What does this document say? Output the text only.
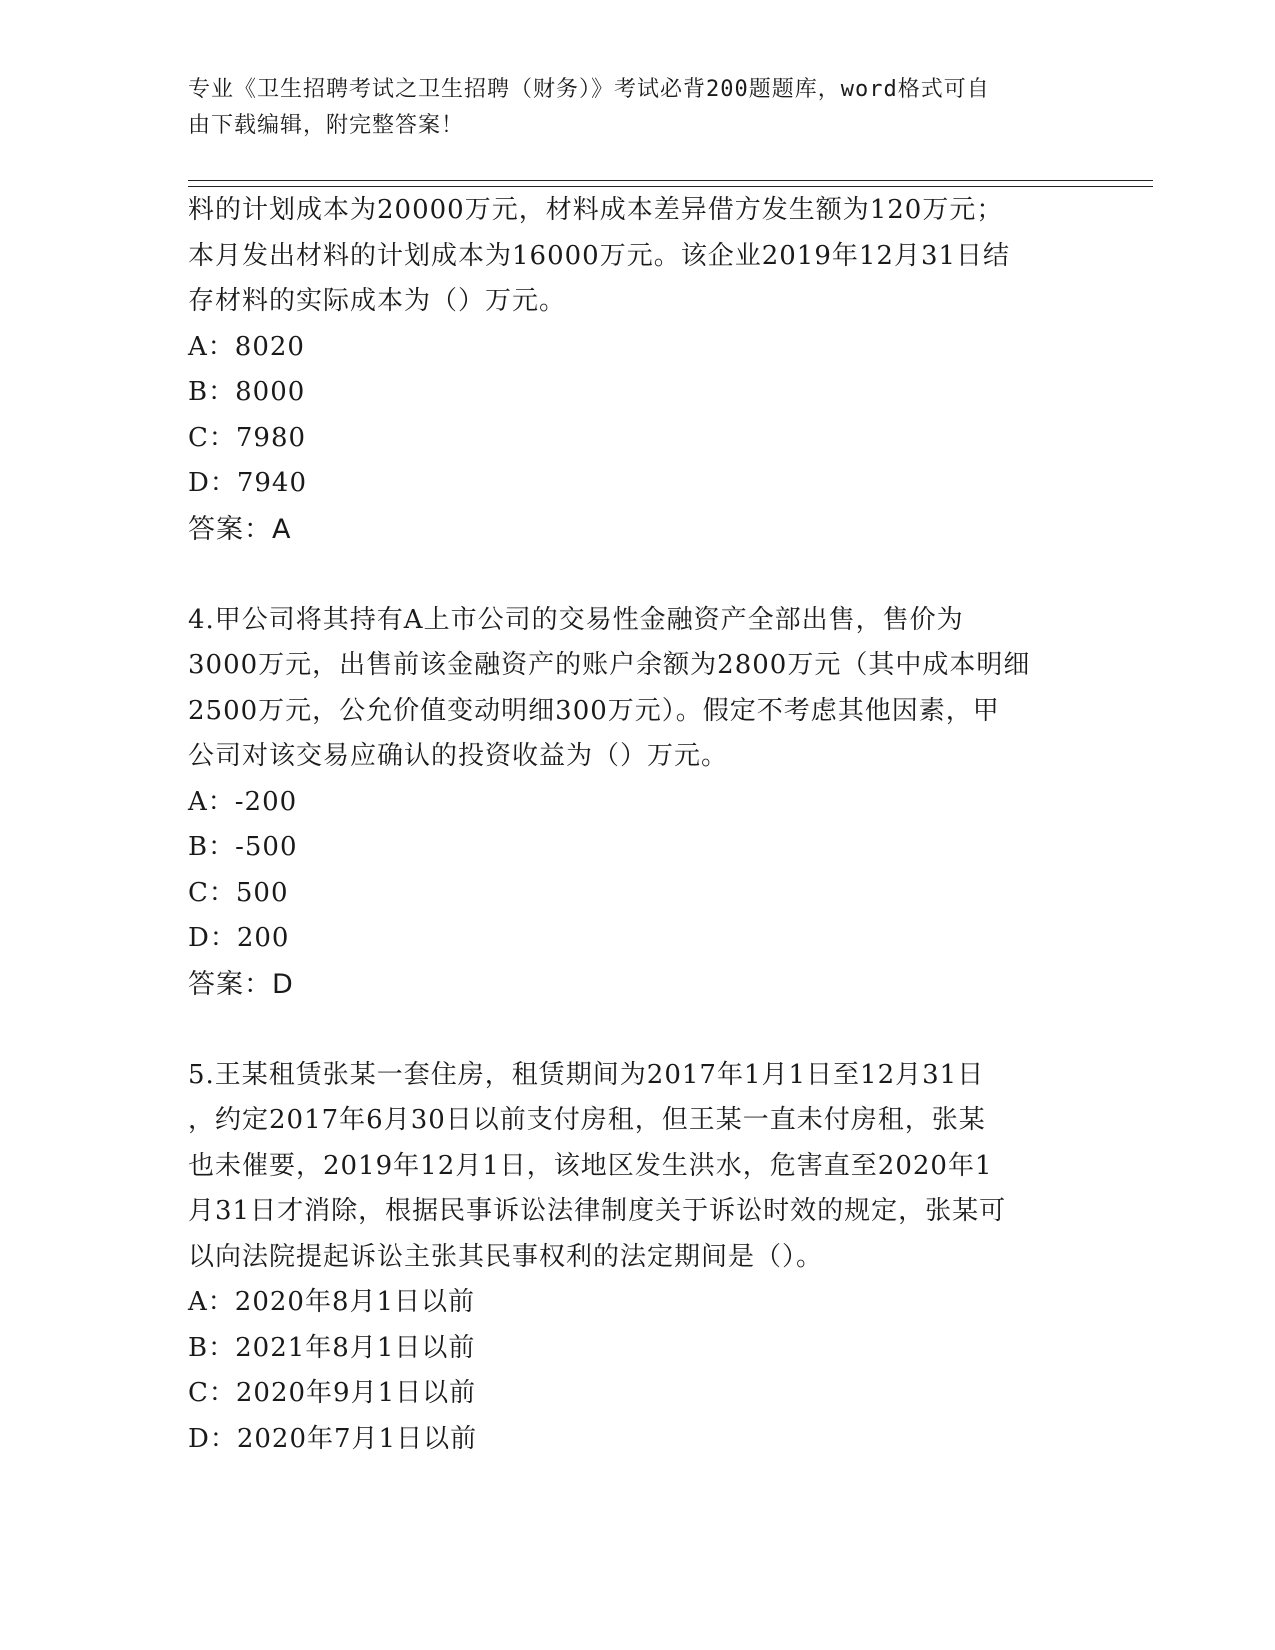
专业《卫生招聘考试之卫生招聘（财务）》考试必背200题题库，word格式可自
由下载编辑，附完整答案！

料的计划成本为20000万元，材料成本差异借方发生额为120万元；

本月发出材料的计划成本为16000万元。该企业2019年12月31日结

存材料的实际成本为（）万元。

A：8020

B：8000

C：7980

D：7940

答案：A

4.甲公司将其持有A上市公司的交易性金融资产全部出售，售价为

3000万元，出售前该金融资产的账户余额为2800万元（其中成本明细

2500万元，公允价值变动明细300万元）。假定不考虑其他因素，甲

公司对该交易应确认的投资收益为（）万元。

A：-200

B：-500

C：500

D：200

答案：D

5.王某租赁张某一套住房，租赁期间为2017年1月1日至12月31日

，约定2017年6月30日以前支付房租，但王某一直未付房租，张某

也未催要，2019年12月1日，该地区发生洪水，危害直至2020年1

月31日才消除，根据民事诉讼法律制度关于诉讼时效的规定，张某可

以向法院提起诉讼主张其民事权利的法定期间是（）。

A：2020年8月1日以前

B：2021年8月1日以前

C：2020年9月1日以前

D：2020年7月1日以前
